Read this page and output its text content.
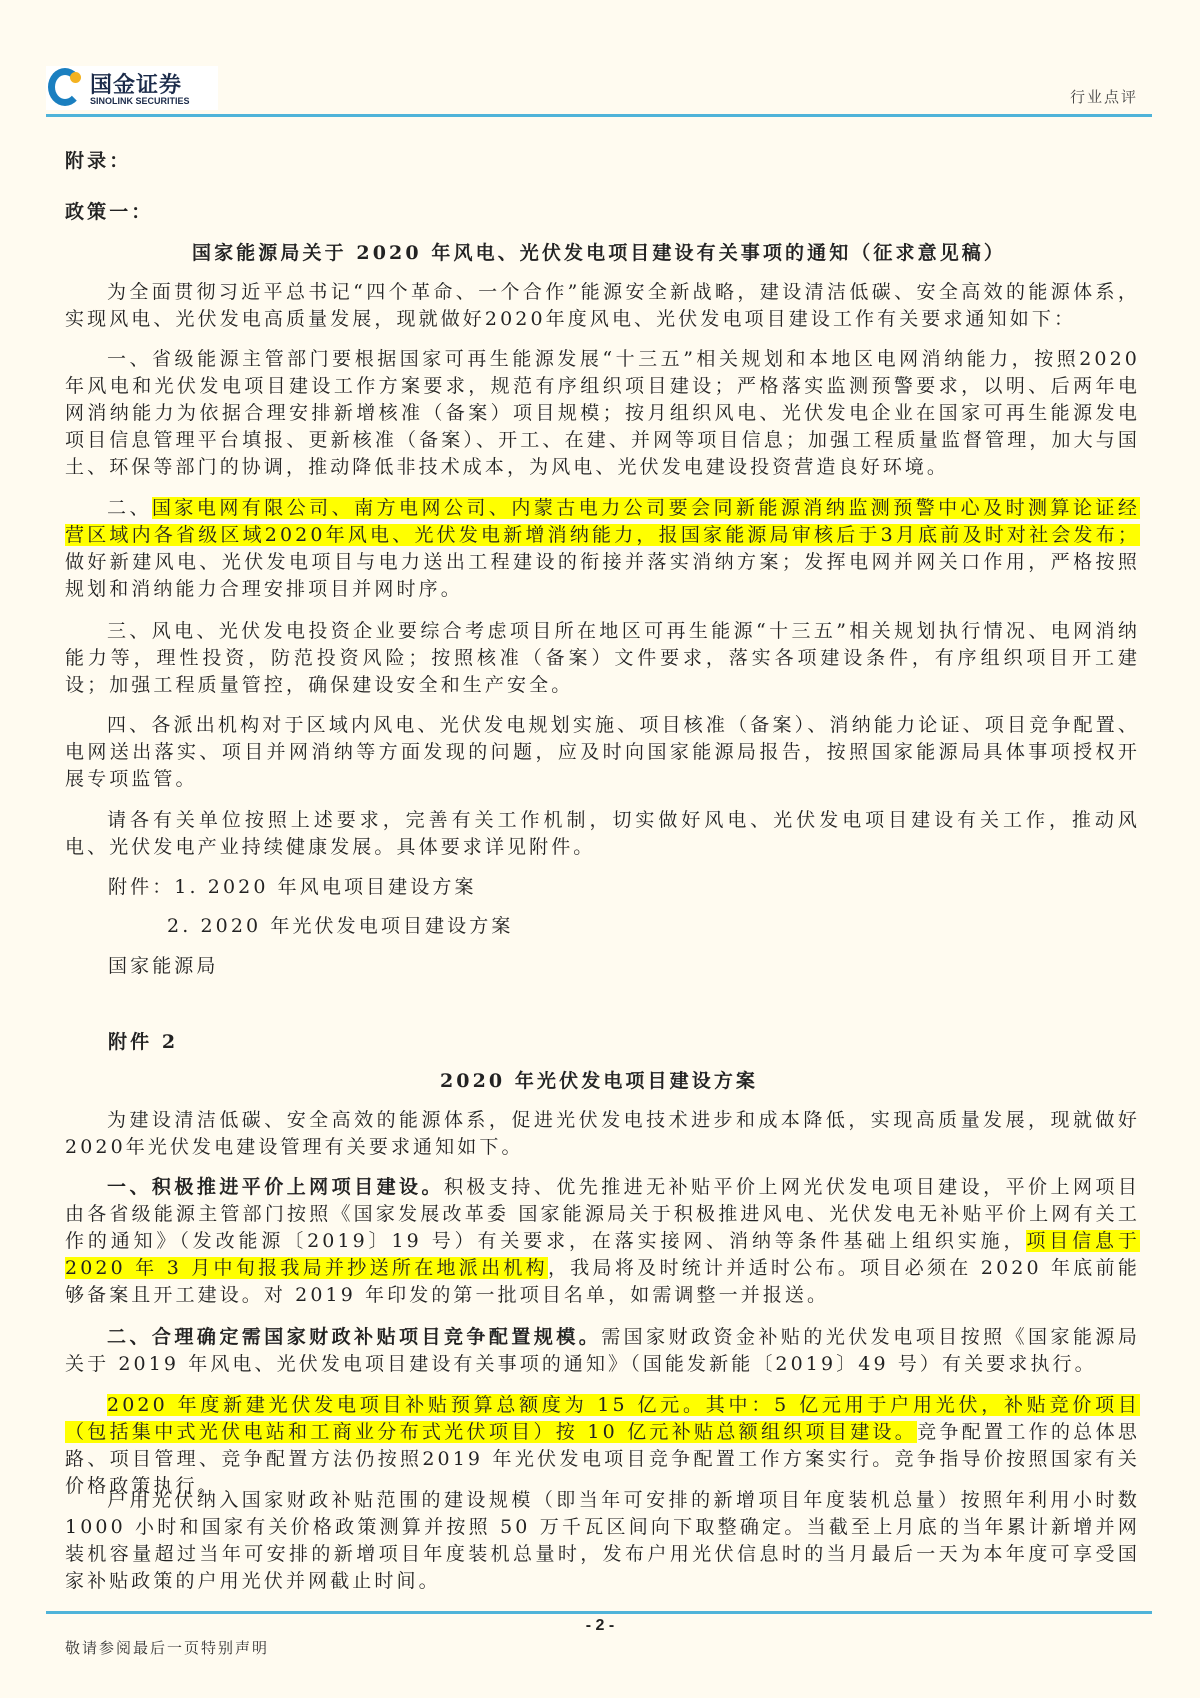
国金证券
SINOLINK SECURITIES	行业点评
附录：
政策一：
国家能源局关于 2020 年风电、光伏发电项目建设有关事项的通知（征求意见稿）
为全面贯彻习近平总书记“四个革命、一个合作”能源安全新战略，建设清洁低碳、安全高效的能源体系，实现风电、光伏发电高质量发展，现就做好2020年度风电、光伏发电项目建设工作有关要求通知如下：
一、省级能源主管部门要根据国家可再生能源发展“十三五”相关规划和本地区电网消纳能力，按照2020年风电和光伏发电项目建设工作方案要求，规范有序组织项目建设；严格落实监测预警要求，以明、后两年电网消纳能力为依据合理安排新增核准（备案）项目规模；按月组织风电、光伏发电企业在国家可再生能源发电项目信息管理平台填报、更新核准（备案）、开工、在建、并网等项目信息；加强工程质量监督管理，加大与国土、环保等部门的协调，推动降低非技术成本，为风电、光伏发电建设投资营造良好环境。
二、国家电网有限公司、南方电网公司、内蒙古电力公司要会同新能源消纳监测预警中心及时测算论证经营区域内各省级区域2020年风电、光伏发电新增消纳能力，报国家能源局审核后于3月底前及时对社会发布；做好新建风电、光伏发电项目与电力送出工程建设的衔接并落实消纳方案；发挥电网并网关口作用，严格按照规划和消纳能力合理安排项目并网时序。
三、风电、光伏发电投资企业要综合考虑项目所在地区可再生能源“十三五”相关规划执行情况、电网消纳能力等，理性投资，防范投资风险；按照核准（备案）文件要求，落实各项建设条件，有序组织项目开工建设；加强工程质量管控，确保建设安全和生产安全。
四、各派出机构对于区域内风电、光伏发电规划实施、项目核准（备案）、消纳能力论证、项目竞争配置、电网送出落实、项目并网消纳等方面发现的问题，应及时向国家能源局报告，按照国家能源局具体事项授权开展专项监管。
请各有关单位按照上述要求，完善有关工作机制，切实做好风电、光伏发电项目建设有关工作，推动风电、光伏发电产业持续健康发展。具体要求详见附件。
附件：1. 2020 年风电项目建设方案
2. 2020 年光伏发电项目建设方案
国家能源局
附件 2
2020 年光伏发电项目建设方案
为建设清洁低碳、安全高效的能源体系，促进光伏发电技术进步和成本降低，实现高质量发展，现就做好2020年光伏发电建设管理有关要求通知如下。
一、积极推进平价上网项目建设。积极支持、优先推进无补贴平价上网光伏发电项目建设，平价上网项目由各省级能源主管部门按照《国家发展改革委 国家能源局关于积极推进风电、光伏发电无补贴平价上网有关工作的通知》（发改能源〔2019〕19 号）有关要求，在落实接网、消纳等条件基础上组织实施，项目信息于 2020 年 3 月中旬报我局并抄送所在地派出机构，我局将及时统计并适时公布。项目必须在 2020 年底前能够备案且开工建设。对 2019 年印发的第一批项目名单，如需调整一并报送。
二、合理确定需国家财政补贴项目竞争配置规模。需国家财政资金补贴的光伏发电项目按照《国家能源局关于 2019 年风电、光伏发电项目建设有关事项的通知》（国能发新能〔2019〕49 号）有关要求执行。
2020 年度新建光伏发电项目补贴预算总额度为 15 亿元。其中：5 亿元用于户用光伏，补贴竞价项目（包括集中式光伏电站和工商业分布式光伏项目）按 10 亿元补贴总额组织项目建设。竞争配置工作的总体思路、项目管理、竞争配置方法仍按照2019 年光伏发电项目竞争配置工作方案实行。竞争指导价按照国家有关价格政策执行。
户用光伏纳入国家财政补贴范围的建设规模（即当年可安排的新增项目年度装机总量）按照年利用小时数 1000 小时和国家有关价格政策测算并按照 50 万千瓦区间向下取整确定。当截至上月底的当年累计新增并网装机容量超过当年可安排的新增项目年度装机总量时，发布户用光伏信息时的当月最后一天为本年度可享受国家补贴政策的户用光伏并网截止时间。
- 2 -
敬请参阅最后一页特别声明
